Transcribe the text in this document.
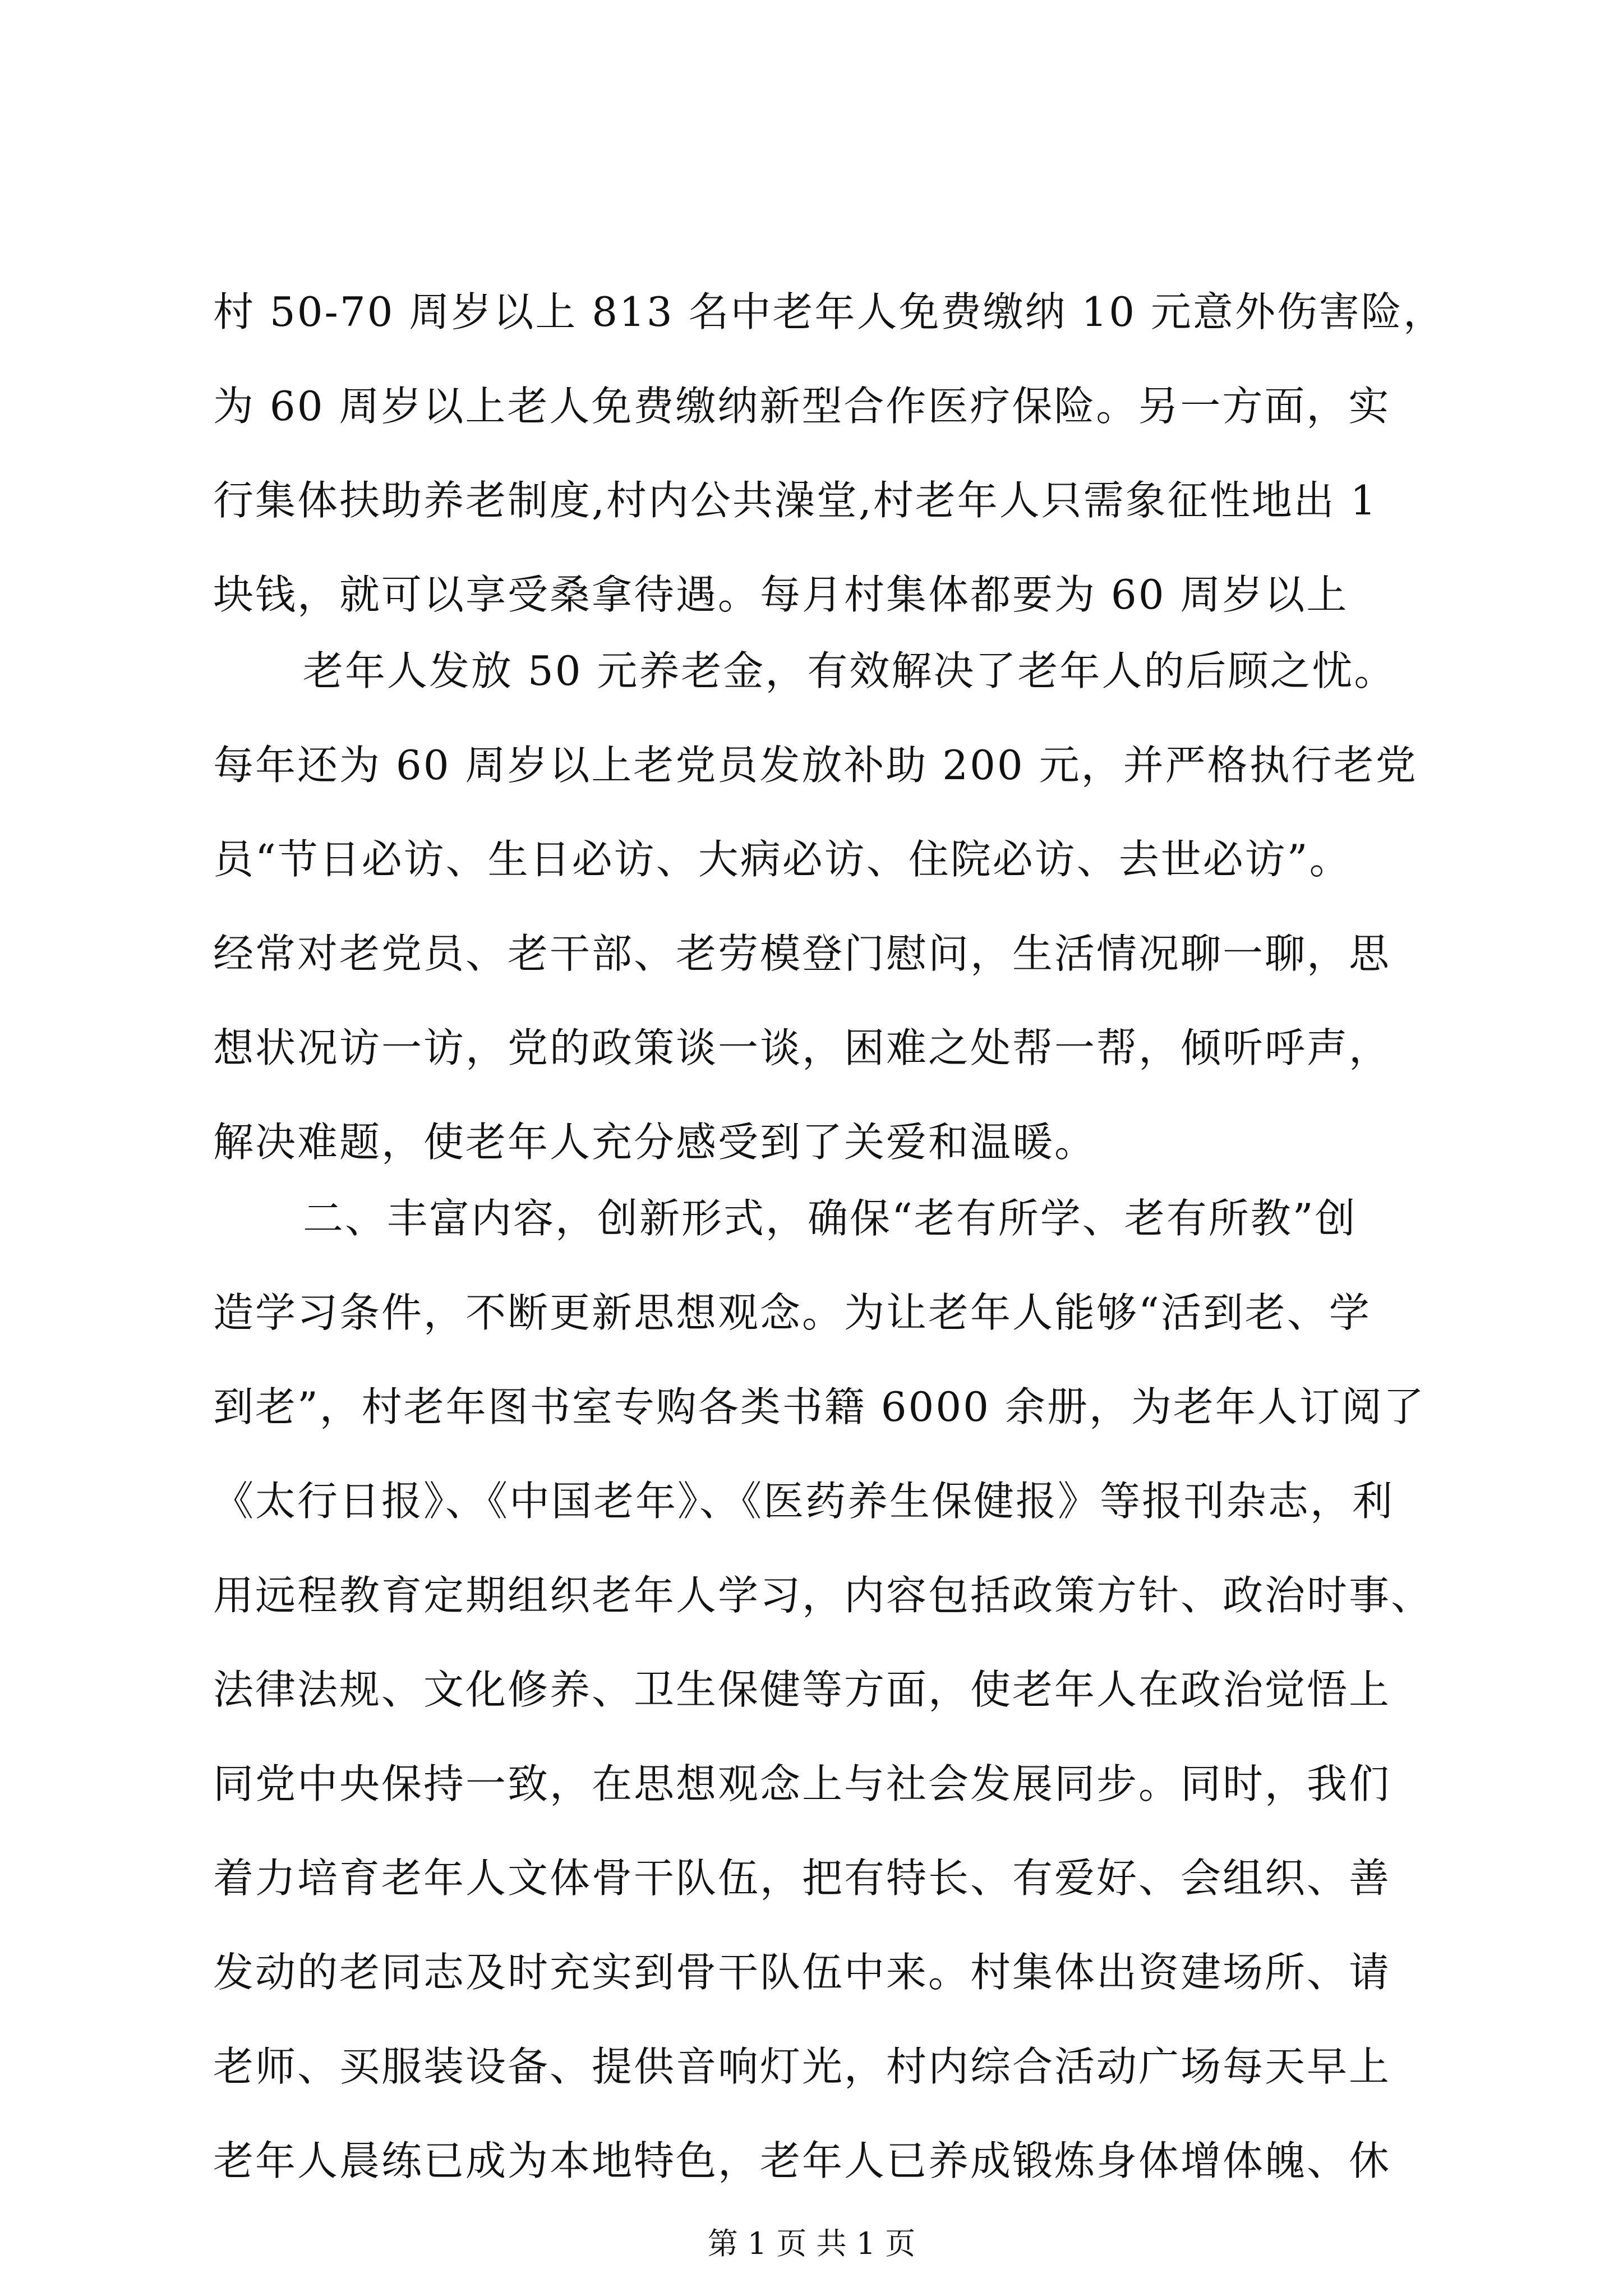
村 50-70 周岁以上 813 名中老年人免费缴纳 10 元意外伤害险，
为 60 周岁以上老人免费缴纳新型合作医疗保险。另一方面，实
行集体扶助养老制度,村内公共澡堂,村老年人只需象征性地出 1
块钱，就可以享受桑拿待遇。每月村集体都要为 60 周岁以上
老年人发放 50 元养老金，有效解决了老年人的后顾之忧。
每年还为 60 周岁以上老党员发放补助 200 元，并严格执行老党
员“节日必访、生日必访、大病必访、住院必访、去世必访”。
经常对老党员、老干部、老劳模登门慰问，生活情况聊一聊，思
想状况访一访，党的政策谈一谈，困难之处帮一帮，倾听呼声，
解决难题，使老年人充分感受到了关爱和温暖。
二、丰富内容，创新形式，确保“老有所学、老有所教”创
造学习条件，不断更新思想观念。为让老年人能够“活到老、学
到老”，村老年图书室专购各类书籍 6000 余册，为老年人订阅了
《太行日报》、《中国老年》、《医药养生保健报》等报刊杂志，利
用远程教育定期组织老年人学习，内容包括政策方针、政治时事、
法律法规、文化修养、卫生保健等方面，使老年人在政治觉悟上
同党中央保持一致，在思想观念上与社会发展同步。同时，我们
着力培育老年人文体骨干队伍，把有特长、有爱好、会组织、善
发动的老同志及时充实到骨干队伍中来。村集体出资建场所、请
老师、买服装设备、提供音响灯光，村内综合活动广场每天早上
老年人晨练已成为本地特色，老年人已养成锻炼身体增体魄、休
第 1 页 共 1 页
